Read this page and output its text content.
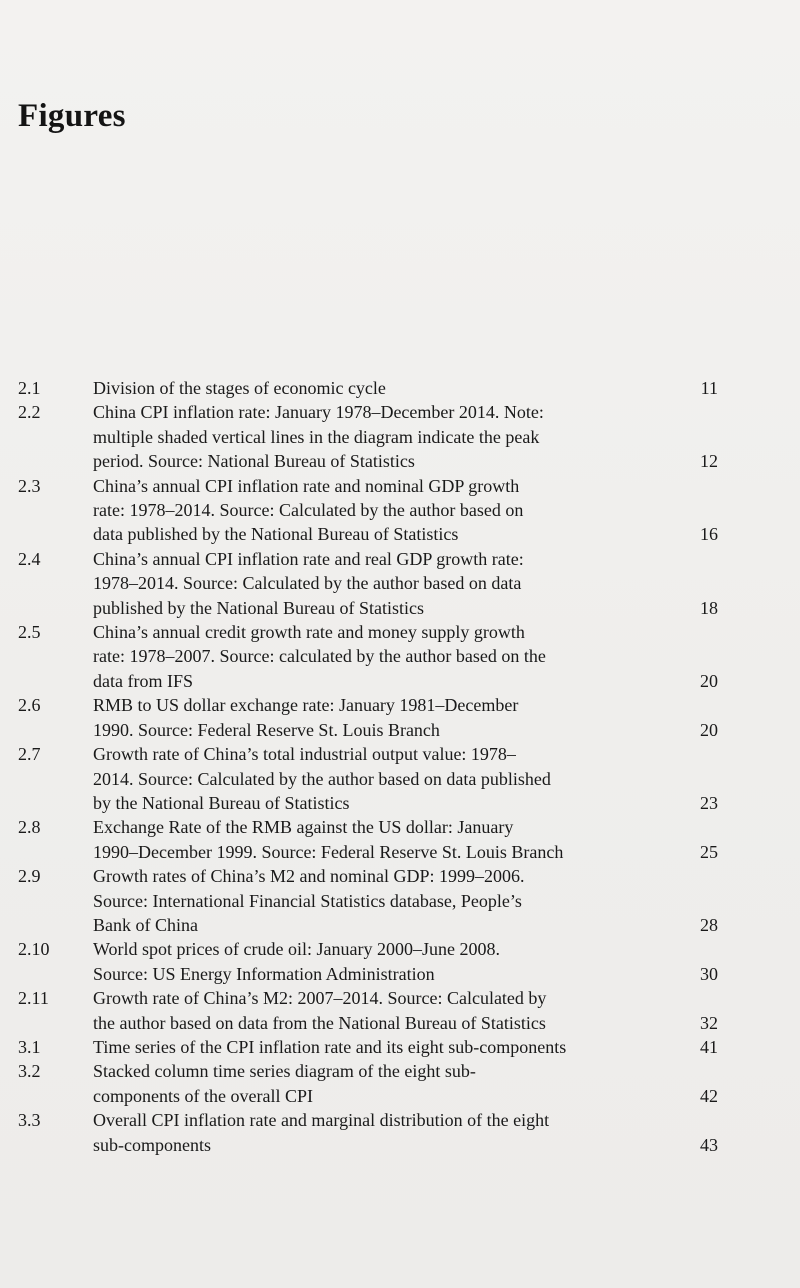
Figures
2.1	Division of the stages of economic cycle	11
2.2	China CPI inflation rate: January 1978–December 2014. Note:
multiple shaded vertical lines in the diagram indicate the peak
period. Source: National Bureau of Statistics	12
2.3	China’s annual CPI inflation rate and nominal GDP growth
rate: 1978–2014. Source: Calculated by the author based on
data published by the National Bureau of Statistics	16
2.4	China’s annual CPI inflation rate and real GDP growth rate:
1978–2014. Source: Calculated by the author based on data
published by the National Bureau of Statistics	18
2.5	China’s annual credit growth rate and money supply growth
rate: 1978–2007. Source: calculated by the author based on the
data from IFS	20
2.6	RMB to US dollar exchange rate: January 1981–December
1990. Source: Federal Reserve St. Louis Branch	20
2.7	Growth rate of China’s total industrial output value: 1978–
2014. Source: Calculated by the author based on data published
by the National Bureau of Statistics	23
2.8	Exchange Rate of the RMB against the US dollar: January
1990–December 1999. Source: Federal Reserve St. Louis Branch	25
2.9	Growth rates of China’s M2 and nominal GDP: 1999–2006.
Source: International Financial Statistics database, People’s
Bank of China	28
2.10	World spot prices of crude oil: January 2000–June 2008.
Source: US Energy Information Administration	30
2.11	Growth rate of China’s M2: 2007–2014. Source: Calculated by
the author based on data from the National Bureau of Statistics	32
3.1	Time series of the CPI inflation rate and its eight sub-components	41
3.2	Stacked column time series diagram of the eight sub-
components of the overall CPI	42
3.3	Overall CPI inflation rate and marginal distribution of the eight
sub-components	43
